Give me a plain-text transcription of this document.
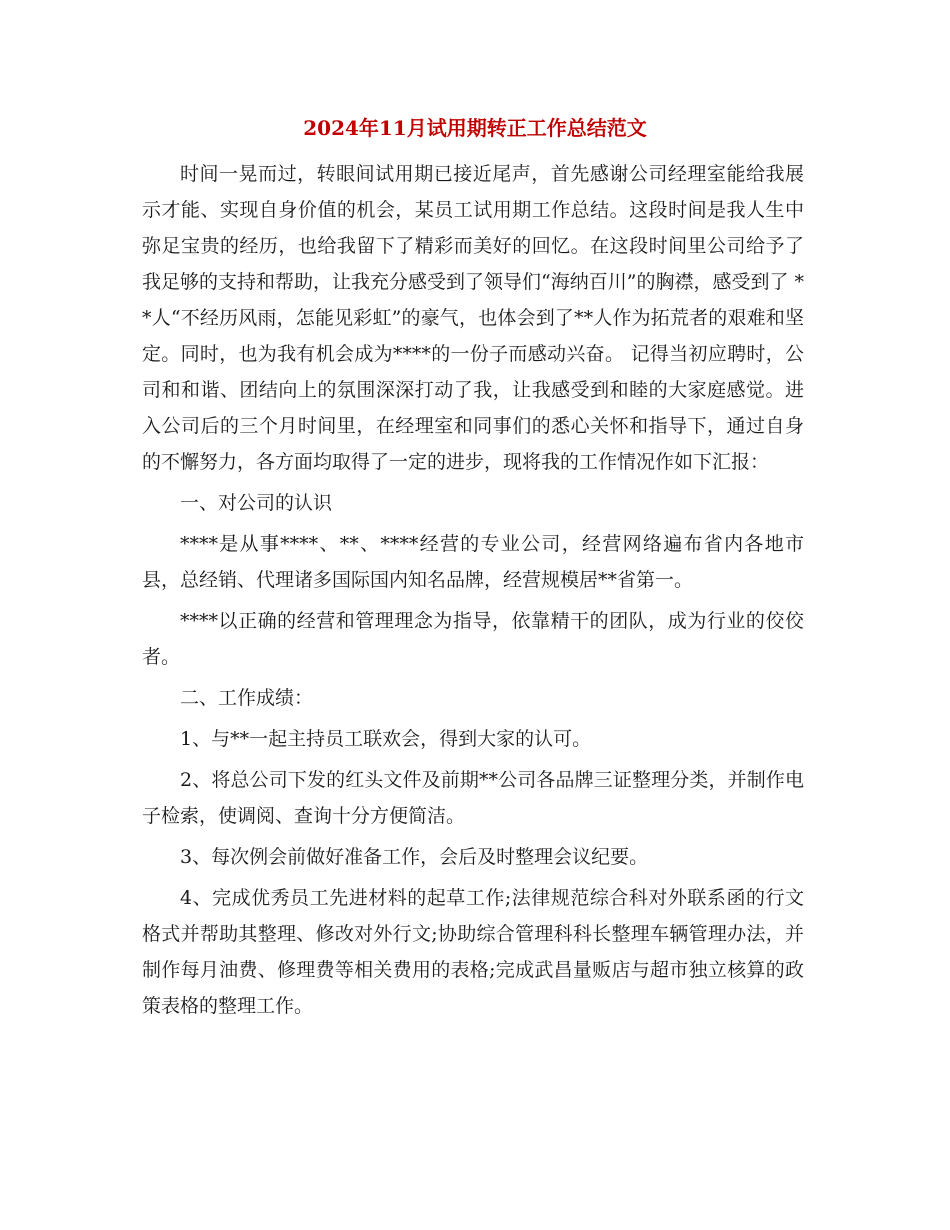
2024年11月试用期转正工作总结范文

时间一晃而过，转眼间试用期已接近尾声，首先感谢公司经理室能给我展示才能、实现自身价值的机会，某员工试用期工作总结。这段时间是我人生中弥足宝贵的经历，也给我留下了精彩而美好的回忆。在这段时间里公司给予了我足够的支持和帮助，让我充分感受到了领导们“海纳百川”的胸襟，感受到了 **人“不经历风雨，怎能见彩虹”的豪气，也体会到了**人作为拓荒者的艰难和坚定。同时，也为我有机会成为****的一份子而感动兴奋。 记得当初应聘时，公司和和谐、团结向上的氛围深深打动了我，让我感受到和睦的大家庭感觉。进入公司后的三个月时间里，在经理室和同事们的悉心关怀和指导下，通过自身的不懈努力，各方面均取得了一定的进步，现将我的工作情况作如下汇报：

一、对公司的认识

****是从事****、**、****经营的专业公司，经营网络遍布省内各地市县，总经销、代理诸多国际国内知名品牌，经营规模居**省第一。

****以正确的经营和管理理念为指导，依靠精干的团队，成为行业的佼佼者。

二、工作成绩：

1、与**一起主持员工联欢会，得到大家的认可。

2、将总公司下发的红头文件及前期**公司各品牌三证整理分类，并制作电子检索，使调阅、查询十分方便简洁。

3、每次例会前做好准备工作，会后及时整理会议纪要。

4、完成优秀员工先进材料的起草工作;法律规范综合科对外联系函的行文格式并帮助其整理、修改对外行文;协助综合管理科科长整理车辆管理办法，并制作每月油费、修理费等相关费用的表格;完成武昌量贩店与超市独立核算的政策表格的整理工作。
